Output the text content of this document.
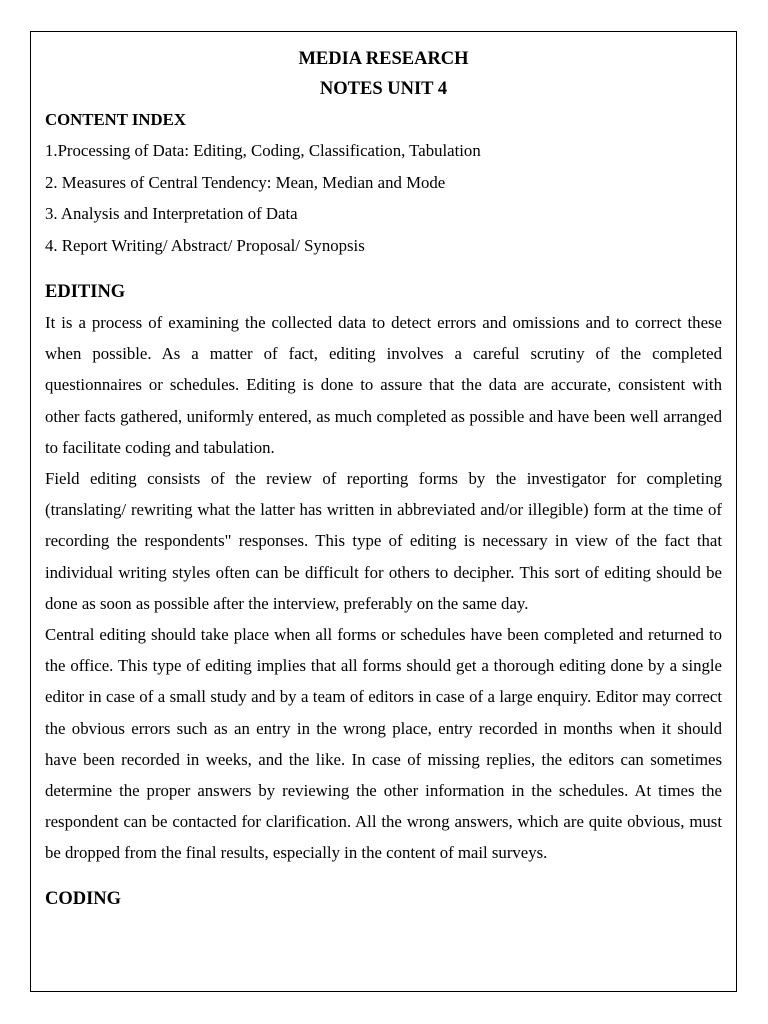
MEDIA RESEARCH
NOTES UNIT 4
CONTENT INDEX
1.Processing of Data: Editing, Coding, Classification, Tabulation
2. Measures of Central Tendency: Mean, Median and Mode
3. Analysis and Interpretation of Data
4. Report Writing/ Abstract/ Proposal/ Synopsis
EDITING

It is a process of examining the collected data to detect errors and omissions and to correct these when possible. As a matter of fact, editing involves a careful scrutiny of the completed questionnaires or schedules. Editing is done to assure that the data are accurate, consistent with other facts gathered, uniformly entered, as much completed as possible and have been well arranged to facilitate coding and tabulation.

Field editing consists of the review of reporting forms by the investigator for completing (translating/ rewriting what the latter has written in abbreviated and/or illegible) form at the time of recording the respondents" responses. This type of editing is necessary in view of the fact that individual writing styles often can be difficult for others to decipher. This sort of editing should be done as soon as possible after the interview, preferably on the same day.

Central editing should take place when all forms or schedules have been completed and returned to the office. This type of editing implies that all forms should get a thorough editing done by a single editor in case of a small study and by a team of editors in case of a large enquiry. Editor may correct the obvious errors such as an entry in the wrong place, entry recorded in months when it should have been recorded in weeks, and the like. In case of missing replies, the editors can sometimes determine the proper answers by reviewing the other information in the schedules. At times the respondent can be contacted for clarification. All the wrong answers, which are quite obvious, must be dropped from the final results, especially in the content of mail surveys.

CODING
